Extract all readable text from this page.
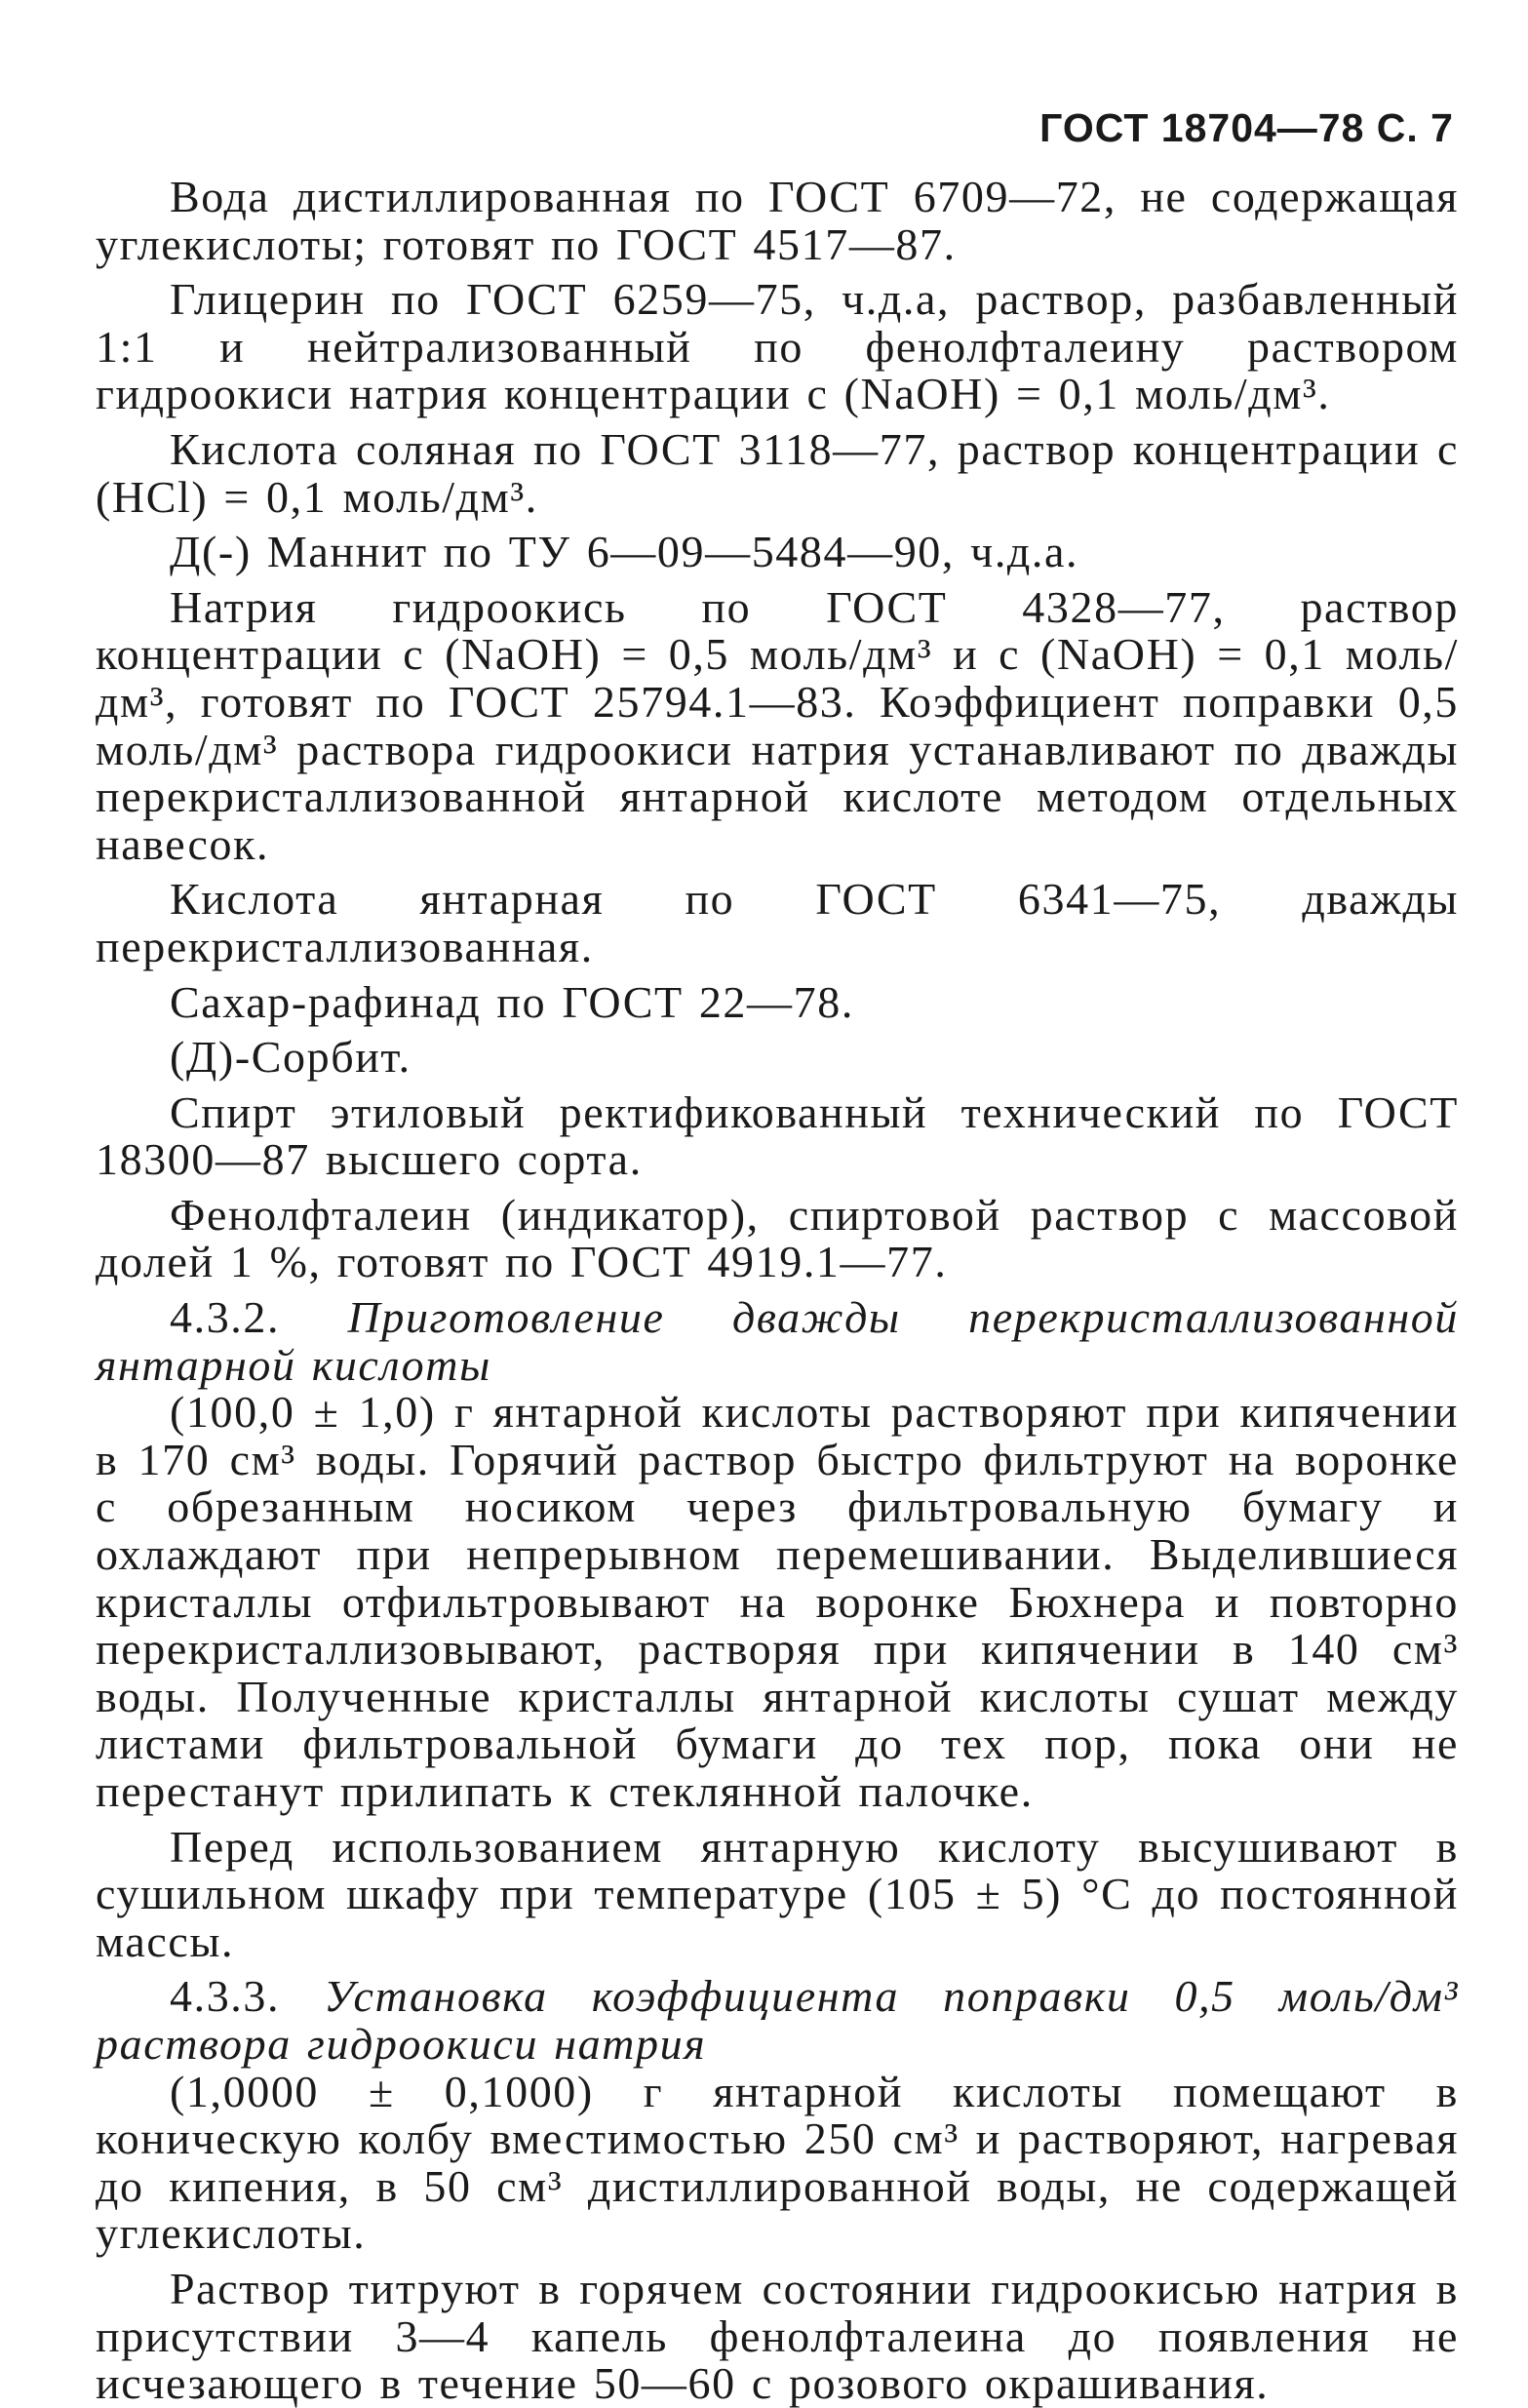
ГОСТ 18704—78 С. 7

Вода дистиллированная по ГОСТ 6709—72, не содержащая углекислоты; готовят по ГОСТ 4517—87.

Глицерин по ГОСТ 6259—75, ч.д.а, раствор, разбавленный 1:1 и нейтрализованный по фенолфталеину раствором гидроокиси натрия концентрации с (NaOH) = 0,1 моль/дм³.

Кислота соляная по ГОСТ 3118—77, раствор концентрации с (HCl) = 0,1 моль/дм³.

Д(-) Маннит по ТУ 6—09—5484—90, ч.д.а.

Натрия гидроокись по ГОСТ 4328—77, раствор концентрации с (NaOH) = 0,5 моль/дм³ и с (NaOH) = 0,1 моль/дм³, готовят по ГОСТ 25794.1—83. Коэффициент поправки 0,5 моль/дм³ раствора гидроокиси натрия устанавливают по дважды перекристаллизованной янтарной кислоте методом отдельных навесок.

Кислота янтарная по ГОСТ 6341—75, дважды перекристаллизованная.

Сахар-рафинад по ГОСТ 22—78.

(Д)-Сорбит.

Спирт этиловый ректификованный технический по ГОСТ 18300—87 высшего сорта.

Фенолфталеин (индикатор), спиртовой раствор с массовой долей 1 %, готовят по ГОСТ 4919.1—77.

4.3.2. Приготовление дважды перекристаллизованной янтарной кислоты

(100,0 ± 1,0) г янтарной кислоты растворяют при кипячении в 170 см³ воды. Горячий раствор быстро фильтруют на воронке с обрезанным носиком через фильтровальную бумагу и охлаждают при непрерывном перемешивании. Выделившиеся кристаллы отфильтровывают на воронке Бюхнера и повторно перекристаллизовывают, растворяя при кипячении в 140 см³ воды. Полученные кристаллы янтарной кислоты сушат между листами фильтровальной бумаги до тех пор, пока они не перестанут прилипать к стеклянной палочке.

Перед использованием янтарную кислоту высушивают в сушильном шкафу при температуре (105 ± 5) °С до постоянной массы.

4.3.3. Установка коэффициента поправки 0,5 моль/дм³ раствора гидроокиси натрия

(1,0000 ± 0,1000) г янтарной кислоты помещают в коническую колбу вместимостью 250 см³ и растворяют, нагревая до кипения, в 50 см³ дистиллированной воды, не содержащей углекислоты.

Раствор титруют в горячем состоянии гидроокисью натрия в присутствии 3—4 капель фенолфталеина до появления не исчезающего в течение 50—60 с розового окрашивания.
